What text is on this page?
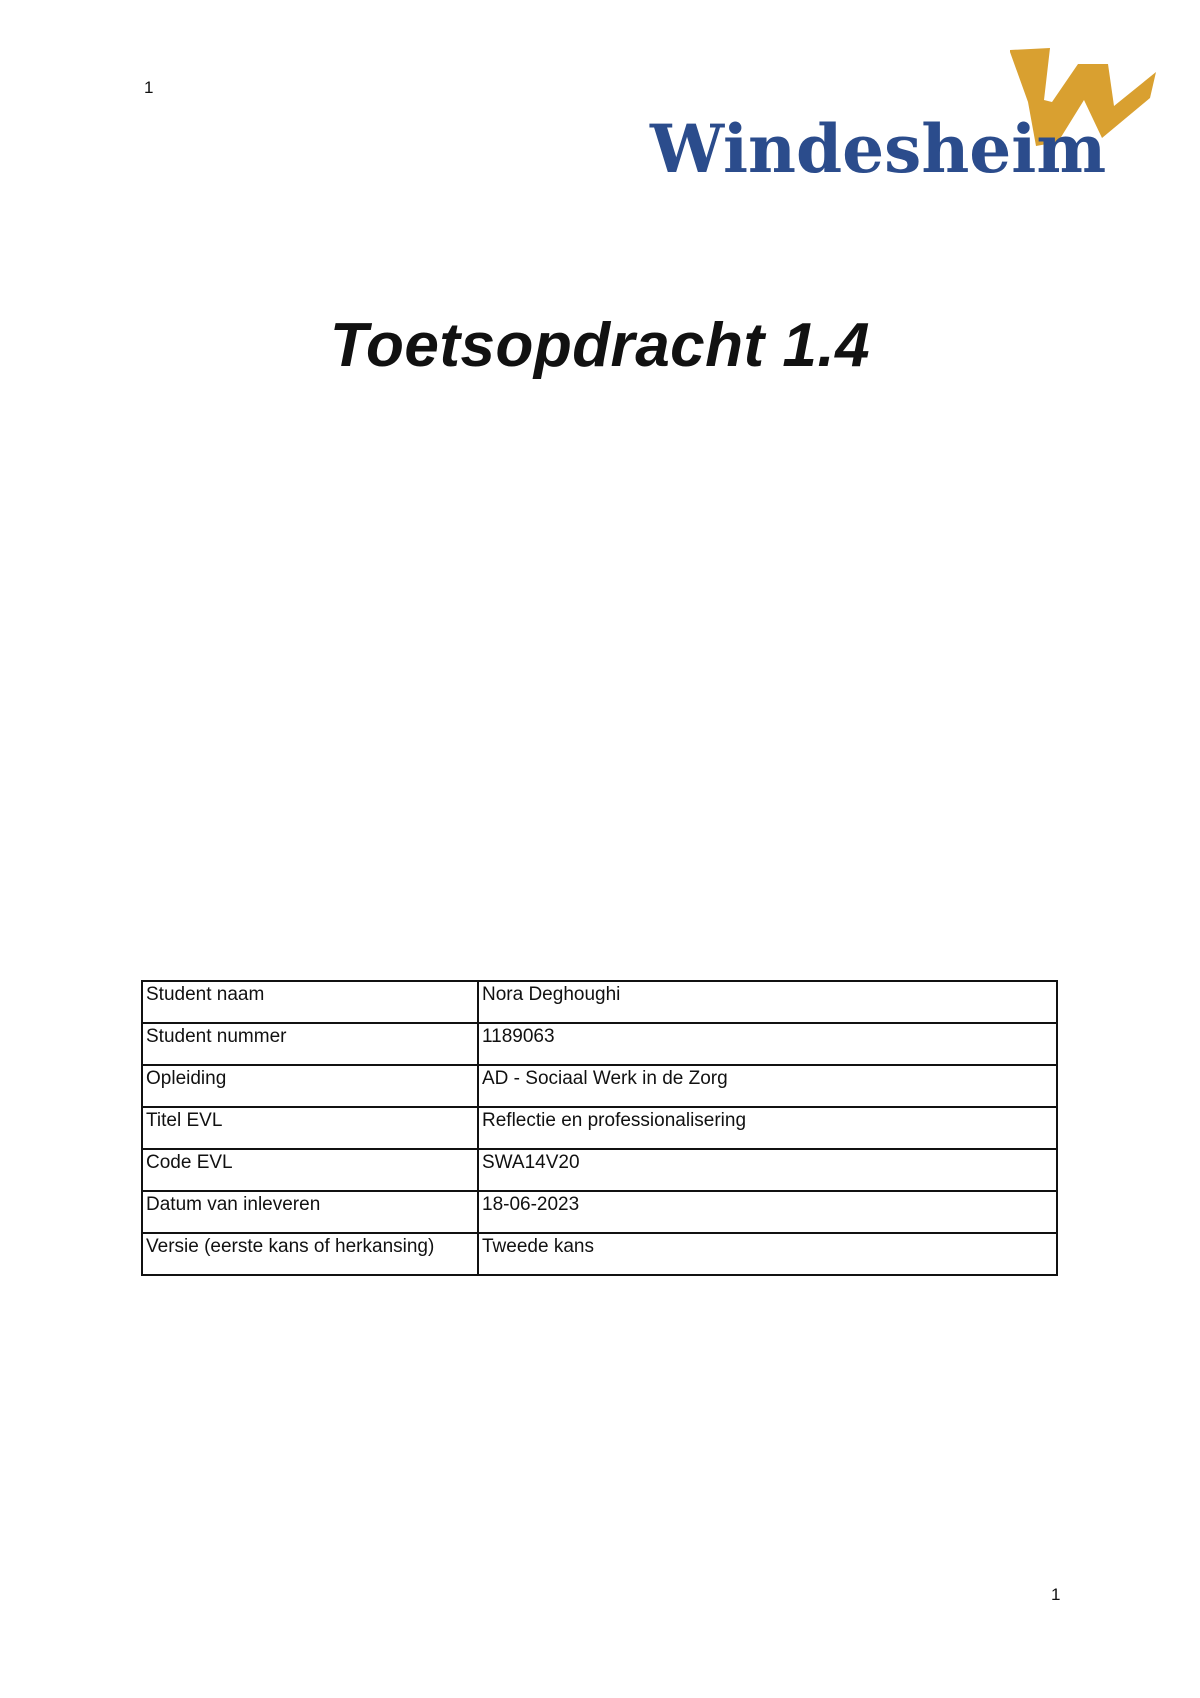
1
Windesheim
Toetsopdracht 1.4
Student naam	Nora Deghoughi
Student nummer	1189063
Opleiding	AD - Sociaal Werk in de Zorg
Titel EVL	Reflectie en professionalisering
Code EVL	SWA14V20
Datum van inleveren	18-06-2023
Versie (eerste kans of herkansing)	Tweede kans
1
